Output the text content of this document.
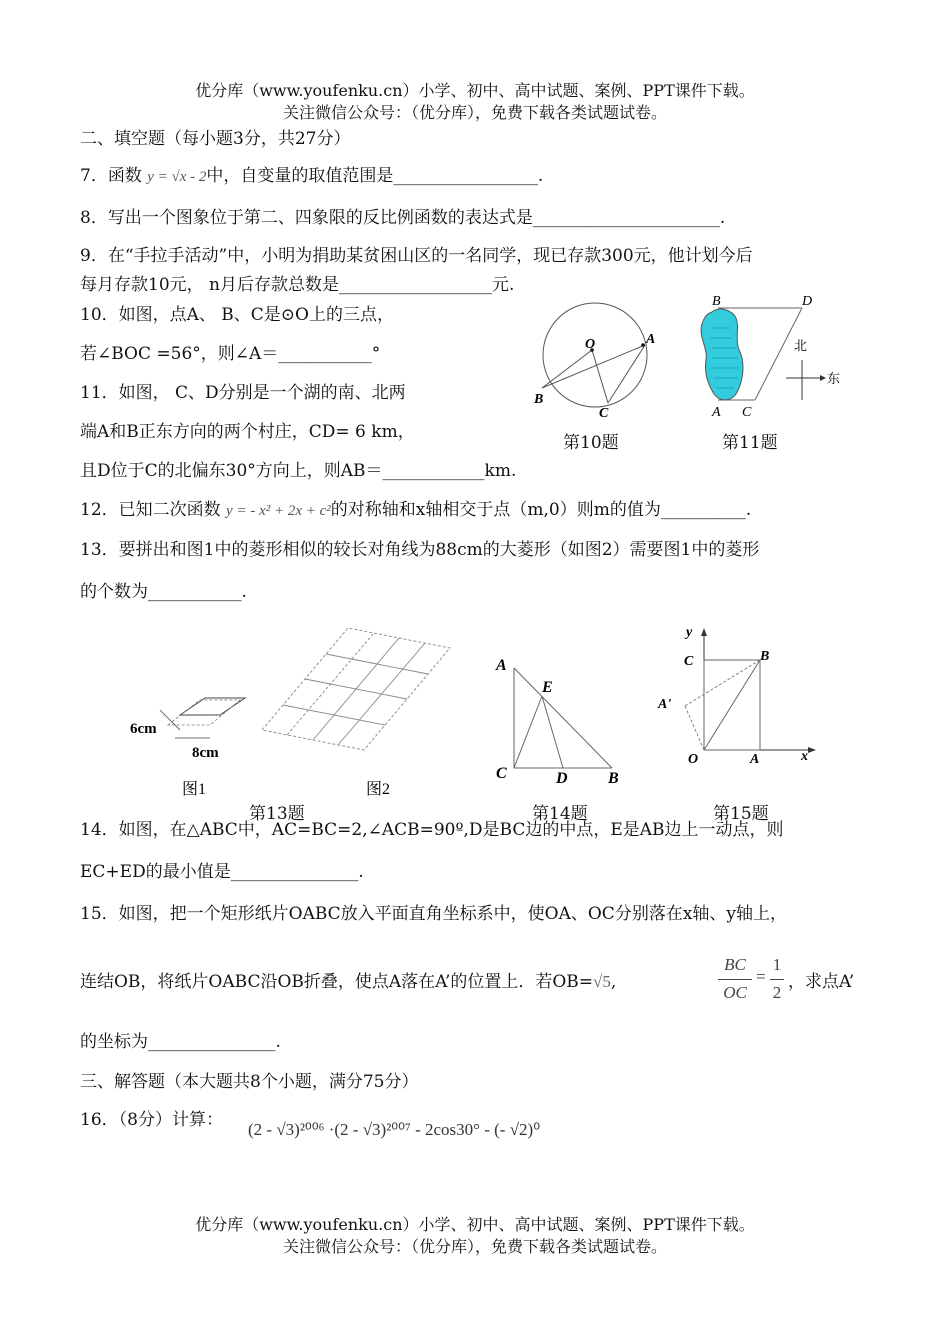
优分库（www.youfenku.cn）小学、初中、高中试题、案例、PPT课件下载。
关注微信公众号：（优分库），免费下载各类试题试卷。
二、填空题（每小题3分，共27分）
7．函数 y = √x - 2中，自变量的取值范围是_________________.
8．写出一个图象位于第二、四象限的反比例函数的表达式是______________________.
9．在“手拉手活动”中，小明为捐助某贫困山区的一名同学，现已存款300元，他计划今后
每月存款10元， n月后存款总数是__________________元.
10．如图，点A、 B、C是⊙O上的三点，
若∠BOC =56°，则∠A＝___________°
11．如图， C、D分别是一个湖的南、北两
端A和B正东方向的两个村庄，CD= 6 km，
且D位于C的北偏东30°方向上，则AB＝____________km.
O	A
B
C
第10题
B	D
A C
北
东
第11题
12．已知二次函数 y = - x² + 2x + c²的对称轴和x轴相交于点（m,0）则m的值为__________.
13．要拼出和图1中的菱形相似的较长对角线为88cm的大菱形（如图2）需要图1中的菱形
的个数为___________.
6cm
8cm
图1	图2
第13题
A
E
C	D	B
第14题
y
x
C	B
A'
O	A
第15题
14．如图，在△ABC中，AC=BC=2,∠ACB=90º,D是BC边的中点，E是AB边上一动点，则
EC+ED的最小值是_______________.
15．如图，把一个矩形纸片OABC放入平面直角坐标系中，使OA、OC分别落在x轴、y轴上，
连结OB，将纸片OABC沿OB折叠，使点A落在A’的位置上．若OB=√5,
BC
OC
=
1
2
，求点A’
的坐标为_______________.
三、解答题（本大题共8个小题，满分75分）
16．（8分）计算： (2 - √3)²⁰⁰⁶ ·(2 - √3)²⁰⁰⁷ - 2cos30° - (- √2)⁰
优分库（www.youfenku.cn）小学、初中、高中试题、案例、PPT课件下载。
关注微信公众号：（优分库），免费下载各类试题试卷。
